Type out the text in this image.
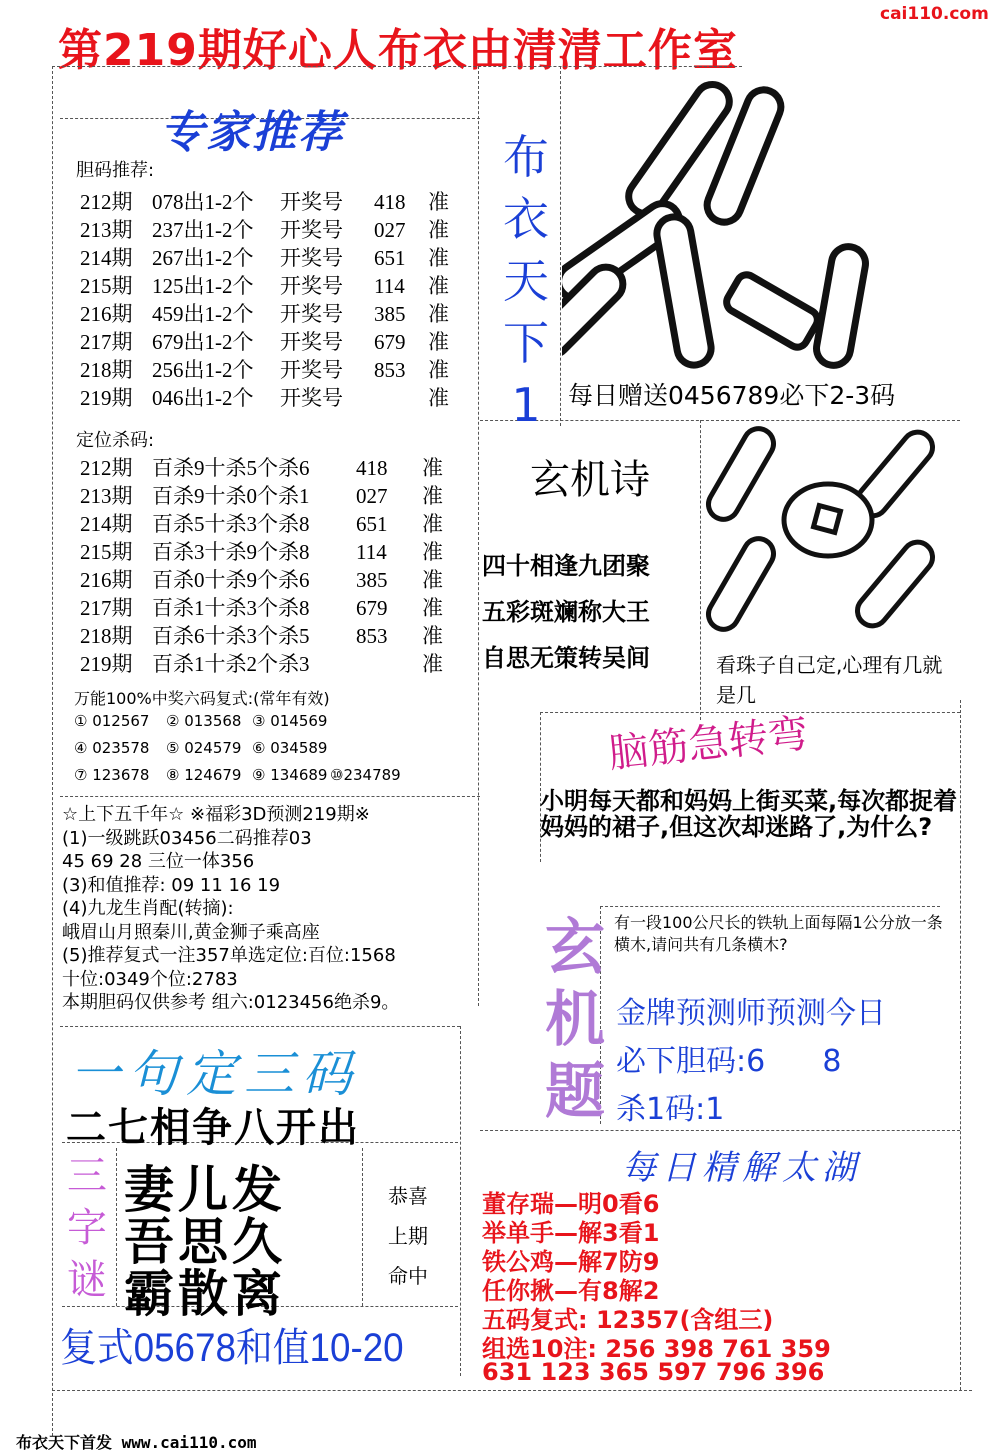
第219期好心人布衣由清清工作室
cai110.com
专家推荐
胆码推荐:
212期 078出1-2个 开奖号 418 准
213期 237出1-2个 开奖号 027 准
214期 267出1-2个 开奖号 651 准
215期 125出1-2个 开奖号 114 准
216期 459出1-2个 开奖号 385 准
217期 679出1-2个 开奖号 679 准
218期 256出1-2个 开奖号 853 准
219期 046出1-2个 开奖号	准
定位杀码:
212期 百杀9十杀5个杀6 418 准
213期 百杀9十杀0个杀1 027 准
214期 百杀5十杀3个杀8 651 准
215期 百杀3十杀9个杀8 114 准
216期 百杀0十杀9个杀6 385 准
217期 百杀1十杀3个杀8 679 准
218期 百杀6十杀3个杀5 853 准
219期 百杀1十杀2个杀3	准
万能100%中奖六码复式:(常年有效)
① 012567 ② 013568 ③ 014569
④ 023578 ⑤ 024579 ⑥ 034589
⑦ 123678 ⑧ 124679 ⑨ 134689 ⑩234789
☆上下五千年☆ ※福彩3D预测219期※
(1)一级跳跃03456二码推荐03
45 69 28 三位一体356
(3)和值推荐: 09 11 16 19
(4)九龙生肖配(转摘):
峨眉山月照秦川,黄金狮子乘高座
(5)推荐复式一注357单选定位:百位:1568
十位:0349个位:2783
本期胆码仅供参考 组六:0123456绝杀9。
布
衣
天
下
1	每日赠送0456789必下2-3码
玄机诗
四十相逢九团聚
五彩斑斓称大王
自思无策转吴间	看珠子自己定,心理有几就是几
脑筋急转弯
小明每天都和妈妈上街买菜,每次都捉着妈妈的裙子,但这次却迷路了,为什么?
玄
机
题
有一段100公尺长的铁轨上面每隔1公分放一条横木,请问共有几条横木?
金牌预测师预测今日
必下胆码:6      8
杀1码:1
一句定三码
二七相争八开出
三
字
谜
妻儿发
吾思久
霸散离
恭喜
上期
命中
复式05678和值10-20
每日精解太湖
董存瑞—明0看6
举单手—解3看1
铁公鸡—解7防9
任你揪—有8解2
五码复式: 12357(含组三)
组选10注: 256 398 761 359
631 123 365 597 796 396
布衣天下首发 www.cai110.com
